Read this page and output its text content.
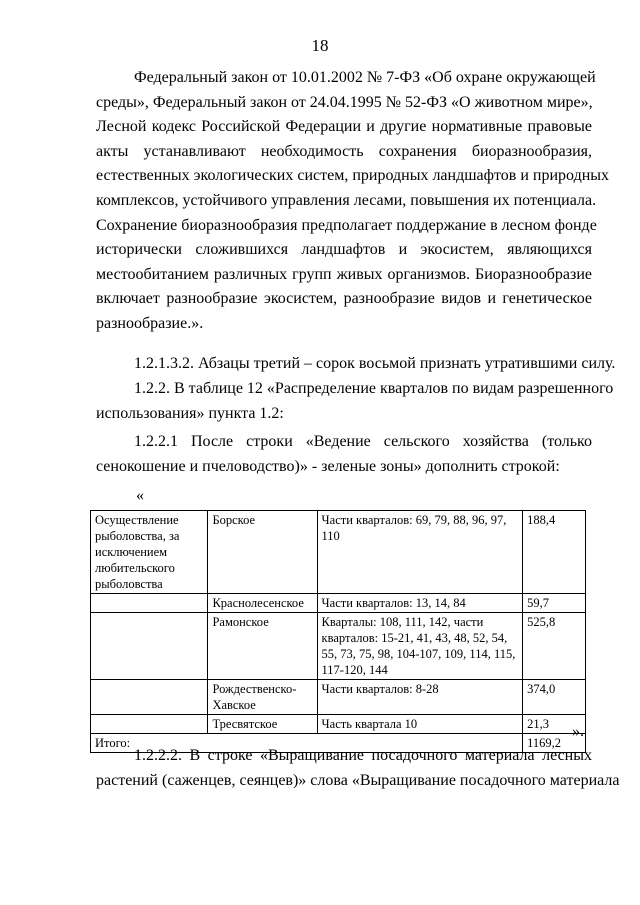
18
Федеральный закон от 10.01.2002 № 7-ФЗ «Об охране окружающей
среды», Федеральный закон от 24.04.1995 № 52-ФЗ «О животном мире»,
Лесной кодекс Российской Федерации и другие нормативные правовые
акты устанавливают необходимость сохранения биоразнообразия,
естественных экологических систем, природных ландшафтов и природных
комплексов, устойчивого управления лесами, повышения их потенциала.
Сохранение биоразнообразия предполагает поддержание в лесном фонде
исторически сложившихся ландшафтов и экосистем, являющихся
местообитанием различных групп живых организмов. Биоразнообразие
включает разнообразие экосистем, разнообразие видов и генетическое
разнообразие.».
1.2.1.3.2. Абзацы третий – сорок восьмой признать утратившими силу.
1.2.2. В таблице 12 «Распределение кварталов по видам разрешенного
использования» пункта 1.2:
1.2.2.1 После строки «Ведение сельского хозяйства (только
сенокошение и пчеловодство)» - зеленые зоны» дополнить строкой:
«
Осуществление рыболовства, за исключением любительского рыболовства	Борское	Части кварталов: 69, 79, 88, 96, 97, 110	188,4
	Краснолесенское	Части кварталов: 13, 14, 84	59,7
	Рамонское	Кварталы: 108, 111, 142, части кварталов: 15-21, 41, 43, 48, 52, 54, 55, 73, 75, 98, 104-107, 109, 114, 115, 117-120, 144	525,8
	Рождественско-Хавское	Части кварталов: 8-28	374,0
	Тресвятское	Часть квартала 10	21,3
Итого:			1169,2
».
1.2.2.2. В строке «Выращивание посадочного материала лесных
растений (саженцев, сеянцев)» слова «Выращивание посадочного материала
